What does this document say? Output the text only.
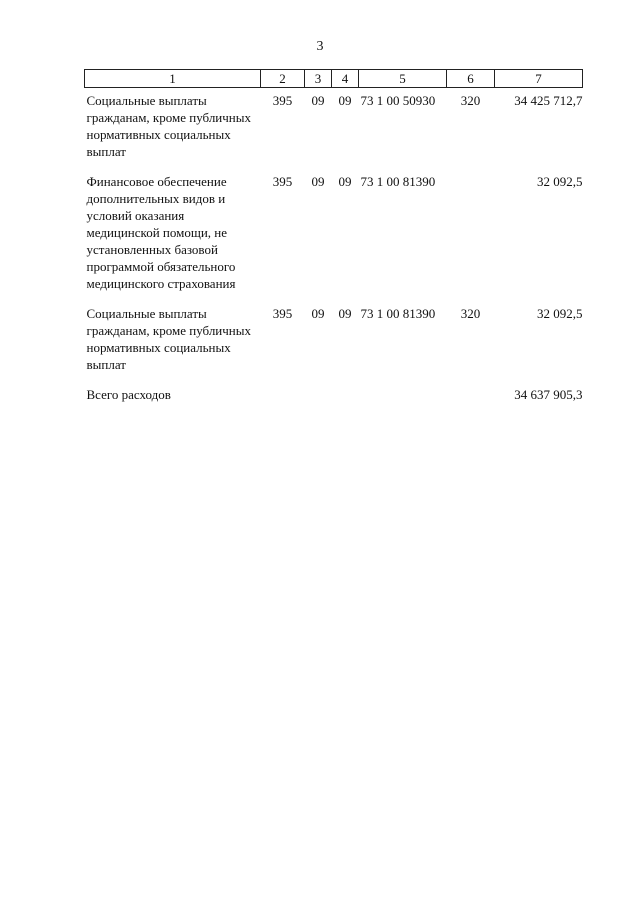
3
1	2	3	4	5	6	7
Социальные выплаты гражданам, кроме публичных нормативных социальных выплат	395	09	09	73 1 00 50930	320	34 425 712,7

Финансовое обеспечение дополнительных видов и условий оказания медицинской помощи, не установленных базовой программой обязательного медицинского страхования	395	09	09	73 1 00 81390		32 092,5

Социальные выплаты гражданам, кроме публичных нормативных социальных выплат	395	09	09	73 1 00 81390	320	32 092,5

Всего расходов						34 637 905,3
